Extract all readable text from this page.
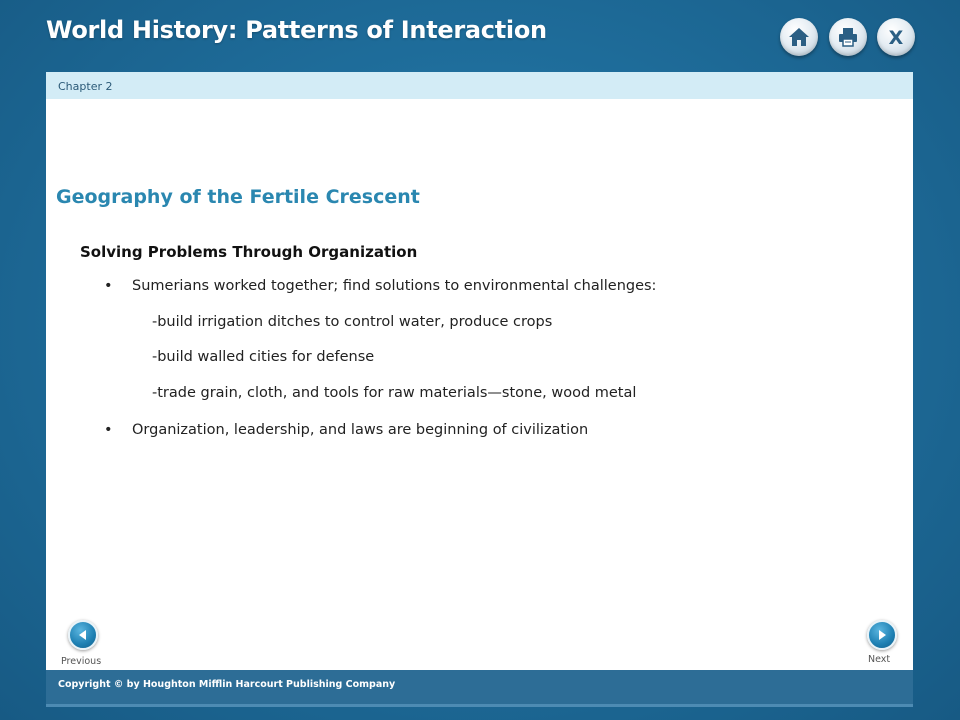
World History: Patterns of Interaction	X
Chapter 2
Geography of the Fertile Crescent
Solving Problems Through Organization
• Sumerians worked together; find solutions to environmental challenges:
-build irrigation ditches to control water, produce crops
-build walled cities for defense
-trade grain, cloth, and tools for raw materials—stone, wood metal
• Organization, leadership, and laws are beginning of civilization
Previous	Next
Copyright © by Houghton Mifflin Harcourt Publishing Company
